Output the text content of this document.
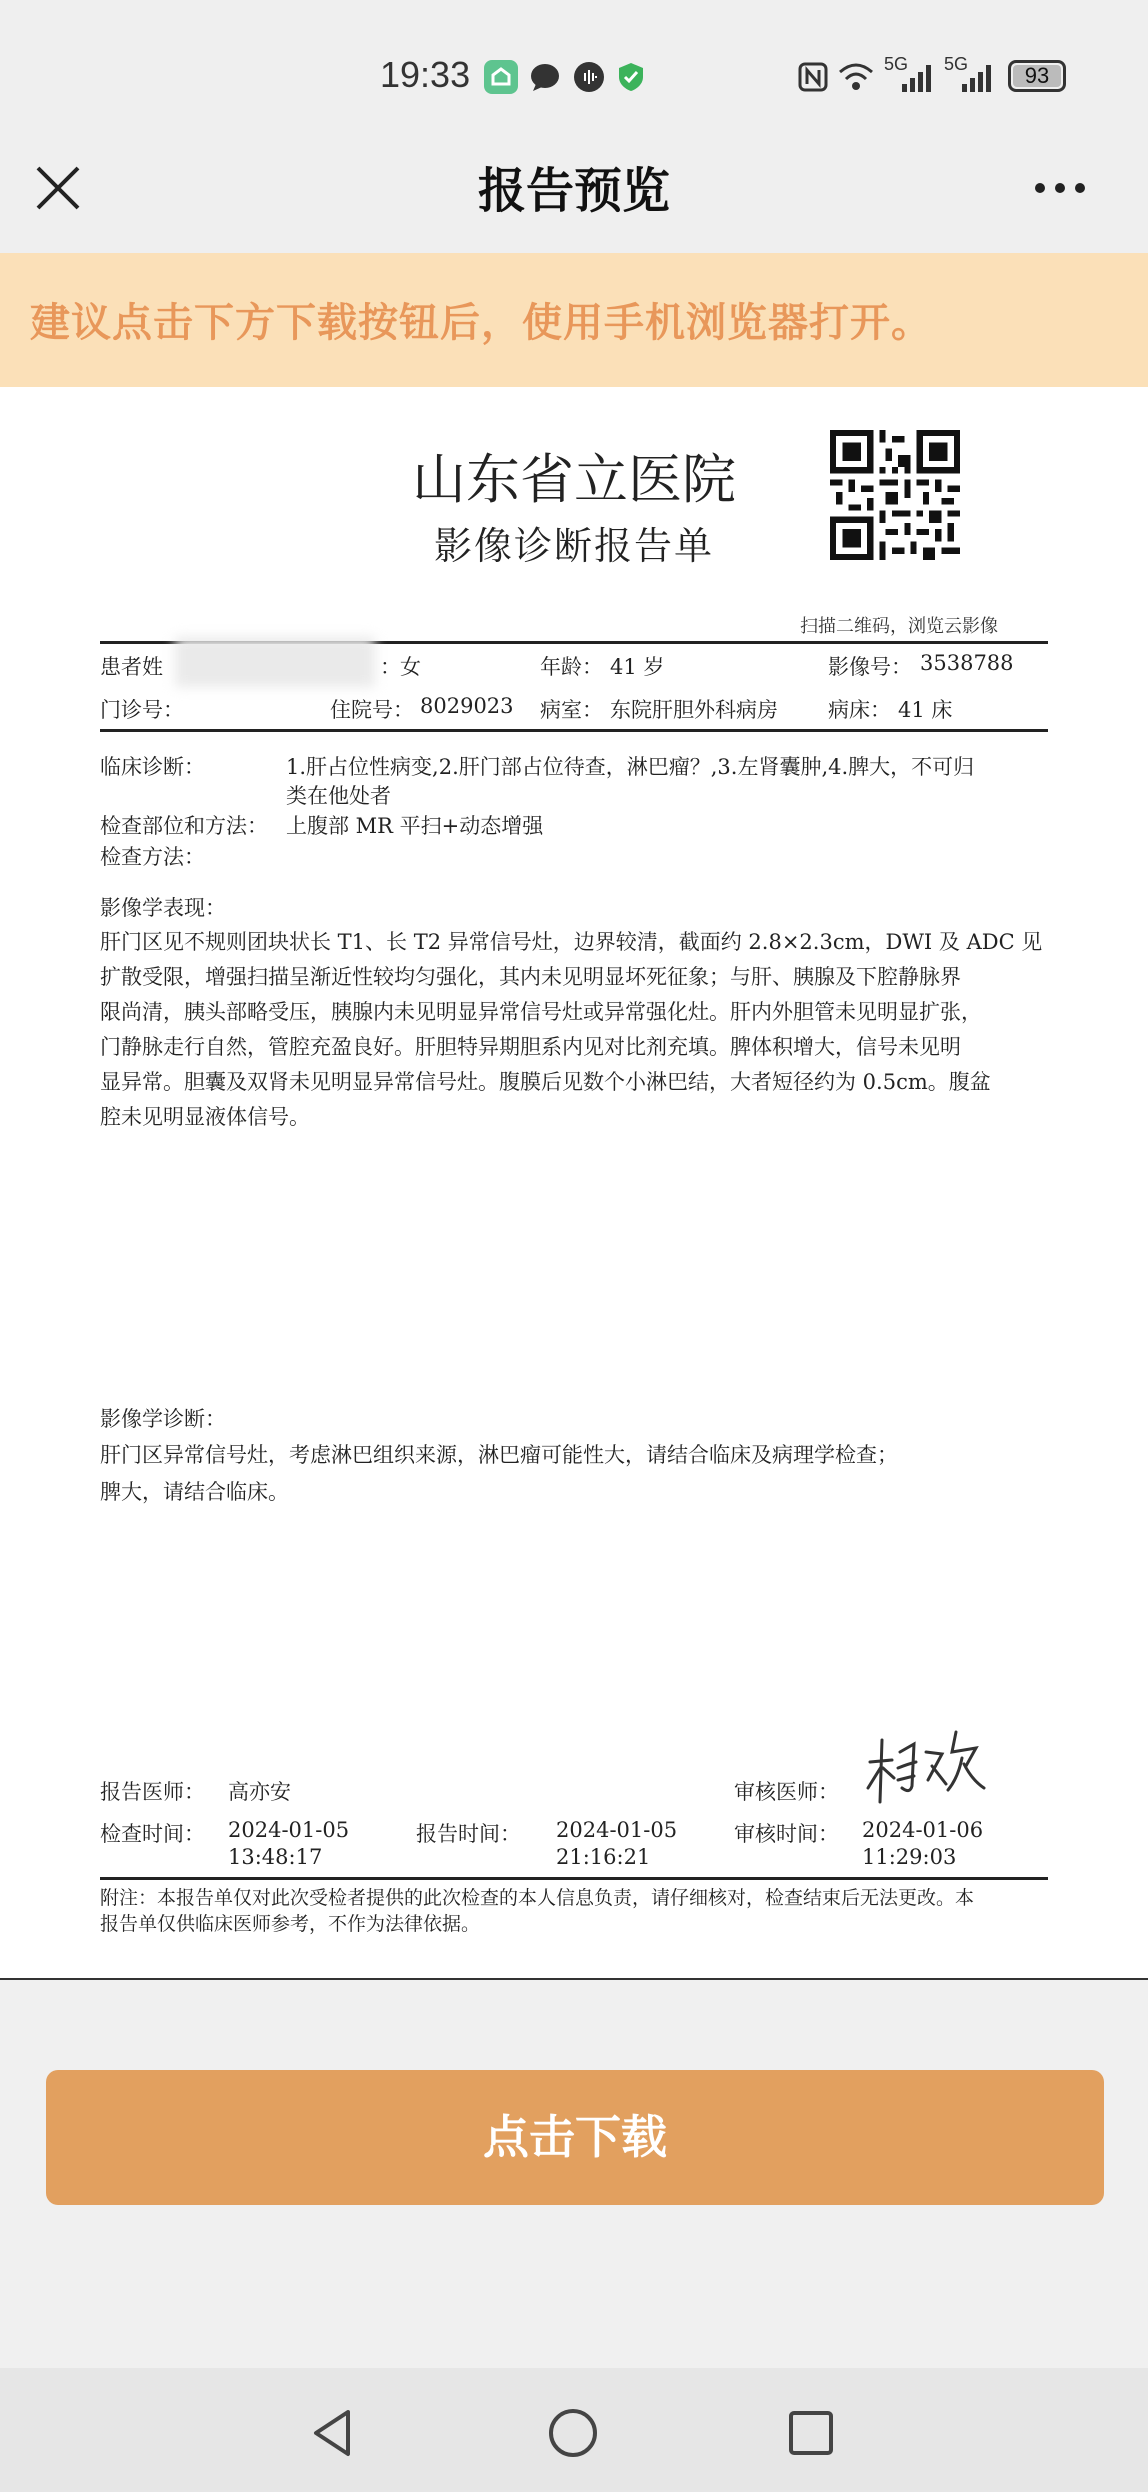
19:33	5G 5G	93
报告预览
建议点击下方下载按钮后，使用手机浏览器打开。
山东省立医院
影像诊断报告单
扫描二维码，浏览云影像
患者姓	： 女	年龄： 41 岁	影像号： 3538788
门诊号：	住院号： 8029023 病室： 东院肝胆外科病房 病床： 41 床
临床诊断：	1.肝占位性病变,2.肝门部占位待查，淋巴瘤？,3.左肾囊肿,4.脾大，不可归
类在他处者
检查部位和方法： 上腹部 MR 平扫+动态增强
检查方法：
影像学表现：
肝门区见不规则团块状长 T1、长 T2 异常信号灶，边界较清，截面约 2.8×2.3cm，DWI 及 ADC 见
扩散受限，增强扫描呈渐近性较均匀强化，其内未见明显坏死征象；与肝、胰腺及下腔静脉界
限尚清，胰头部略受压，胰腺内未见明显异常信号灶或异常强化灶。肝内外胆管未见明显扩张，
门静脉走行自然，管腔充盈良好。肝胆特异期胆系内见对比剂充填。脾体积增大，信号未见明
显异常。胆囊及双肾未见明显异常信号灶。腹膜后见数个小淋巴结，大者短径约为 0.5cm。腹盆
腔未见明显液体信号。
影像学诊断：
肝门区异常信号灶，考虑淋巴组织来源，淋巴瘤可能性大，请结合临床及病理学检查；
脾大，请结合临床。
报告医师： 高亦安	审核医师：
检查时间： 2024-01-05
13:48:17
报告时间： 2024-01-05
21:16:21
审核时间： 2024-01-06
11:29:03
附注：本报告单仅对此次受检者提供的此次检查的本人信息负责，请仔细核对，检查结束后无法更改。本
报告单仅供临床医师参考，不作为法律依据。
点击下载
